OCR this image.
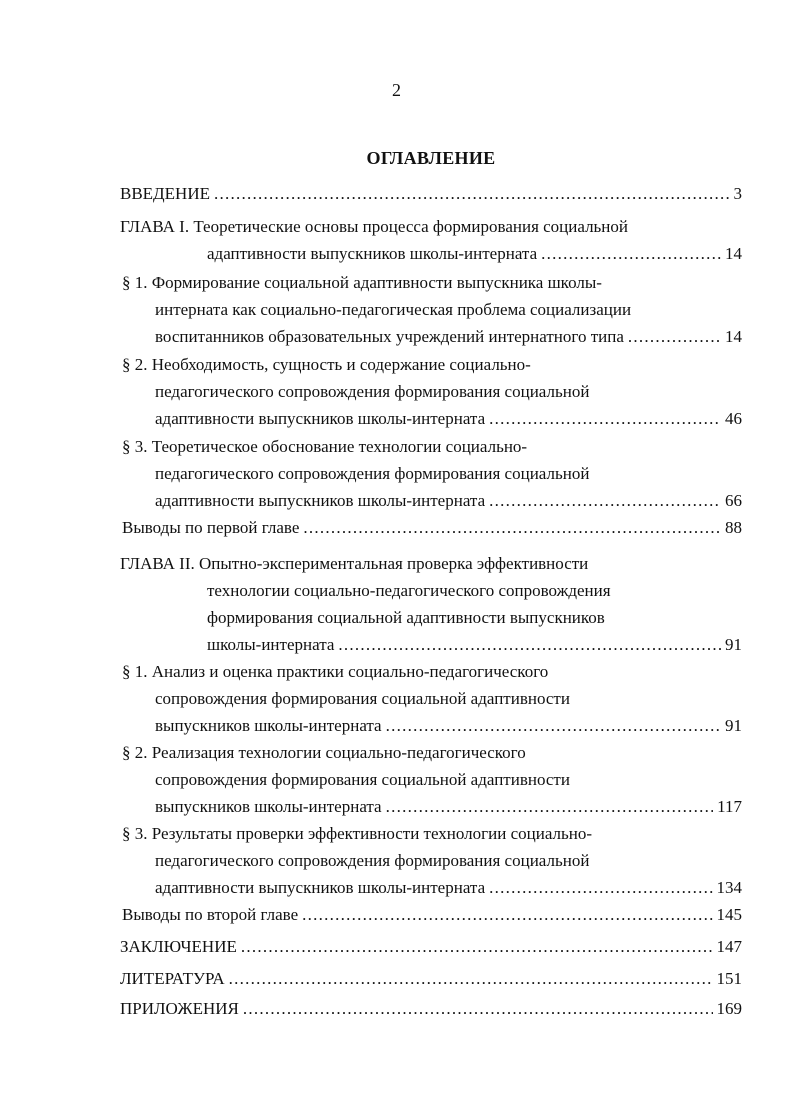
2
ОГЛАВЛЕНИЕ
ВВЕДЕНИЕ . . .	3
ГЛАВА I. Теоретические основы процесса формирования социальной
адаптивности выпускников школы-интерната . . .	14
§ 1. Формирование социальной адаптивности выпускника школы-
интерната как социально-педагогическая проблема социализации
воспитанников образовательных учреждений интернатного типа . . .	14
§ 2. Необходимость, сущность и содержание социально-
педагогического сопровождения формирования социальной
адаптивности выпускников школы-интерната . . .	46
§ 3. Теоретическое обоснование технологии социально-
педагогического сопровождения формирования социальной
адаптивности выпускников школы-интерната . . .	66
Выводы по первой главе . . .	88
ГЛАВА II. Опытно-экспериментальная проверка эффективности
технологии социально-педагогического сопровождения
формирования социальной адаптивности выпускников
школы-интерната . . .	91
§ 1. Анализ и оценка практики социально-педагогического
сопровождения формирования социальной адаптивности
выпускников школы-интерната . . .	91
§ 2. Реализация технологии социально-педагогического
сопровождения формирования социальной адаптивности
выпускников школы-интерната . . .	117
§ 3. Результаты проверки эффективности технологии социально-
педагогического сопровождения формирования социальной
адаптивности выпускников школы-интерната . . .	134
Выводы по второй главе . . .	145
ЗАКЛЮЧЕНИЕ . . .	147
ЛИТЕРАТУРА . . .	151
ПРИЛОЖЕНИЯ . . .	169
